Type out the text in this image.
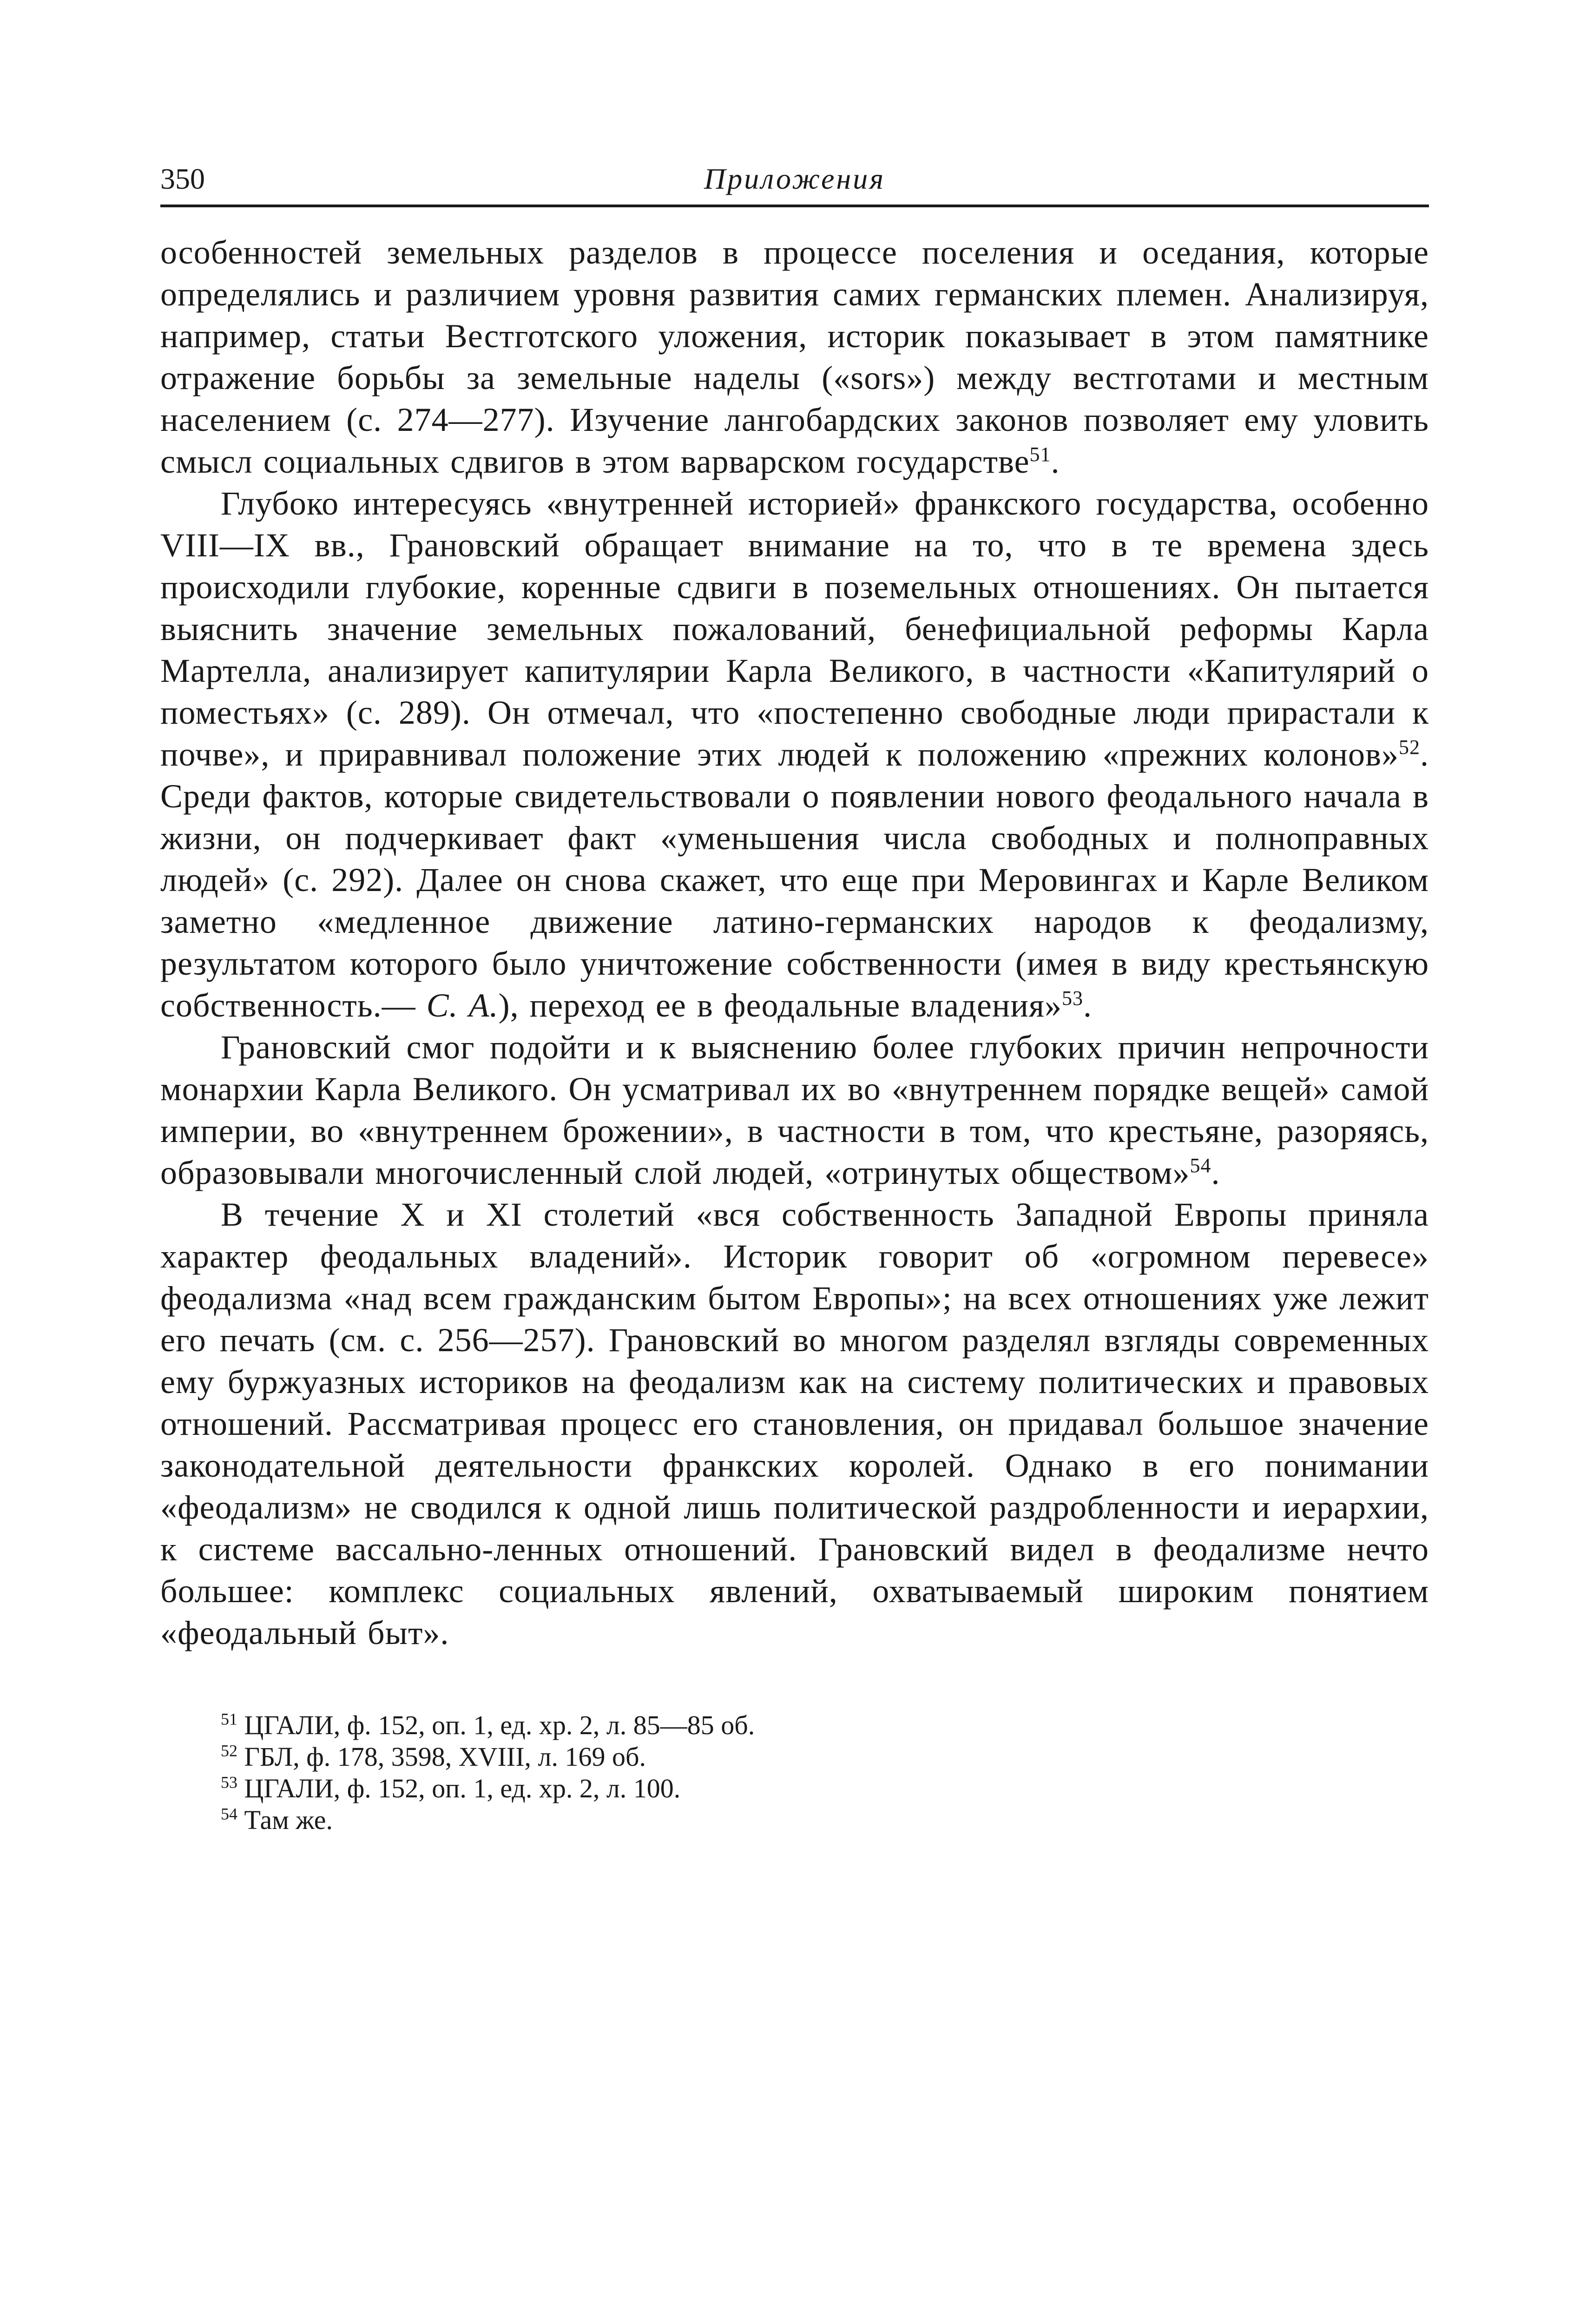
350	Приложения

особенностей земельных разделов в процессе поселения и оседания, которые определялись и различием уровня развития самих германских племен. Анализируя, например, статьи Вестготского уложения, историк показывает в этом памятнике отражение борьбы за земельные наделы («sors») между вестготами и местным населением (с. 274—277). Изучение лангобардских законов позволяет ему уловить смысл социальных сдвигов в этом варварском государстве$^{51}$.

Глубоко интересуясь «внутренней историей» франкского государства, особенно VIII—IX вв., Грановский обращает внимание на то, что в те времена здесь происходили глубокие, коренные сдвиги в поземельных отношениях. Он пытается выяснить значение земельных пожалований, бенефициальной реформы Карла Мартелла, анализирует капитулярии Карла Великого, в частности «Капитулярий о поместьях» (с. 289). Он отмечал, что «постепенно свободные люди прирастали к почве», и приравнивал положение этих людей к положению «прежних колонов»$^{52}$. Среди фактов, которые свидетельствовали о появлении нового феодального начала в жизни, он подчеркивает факт «уменьшения числа свободных и полноправных людей» (с. 292). Далее он снова скажет, что еще при Меровингах и Карле Великом заметно «медленное движение латино-германских народов к феодализму, результатом которого было уничтожение собственности (имея в виду крестьянскую собственность.— С. А.), переход ее в феодальные владения»$^{53}$.

Грановский смог подойти и к выяснению более глубоких причин непрочности монархии Карла Великого. Он усматривал их во «внутреннем порядке вещей» самой империи, во «внутреннем брожении», в частности в том, что крестьяне, разоряясь, образовывали многочисленный слой людей, «отринутых обществом»$^{54}$.

В течение X и XI столетий «вся собственность Западной Европы приняла характер феодальных владений». Историк говорит об «огромном перевесе» феодализма «над всем гражданским бытом Европы»; на всех отношениях уже лежит его печать (см. с. 256—257). Грановский во многом разделял взгляды современных ему буржуазных историков на феодализм как на систему политических и правовых отношений. Рассматривая процесс его становления, он придавал большое значение законодательной деятельности франкских королей. Однако в его понимании «феодализм» не сводился к одной лишь политической раздробленности и иерархии, к системе вассально-ленных отношений. Грановский видел в феодализме нечто большее: комплекс социальных явлений, охватываемый широким понятием «феодальный быт».

$^{51}$ ЦГАЛИ, ф. 152, оп. 1, ед. хр. 2, л. 85—85 об.

$^{52}$ ГБЛ, ф. 178, 3598, XVIII, л. 169 об.

$^{53}$ ЦГАЛИ, ф. 152, оп. 1, ед. хр. 2, л. 100.

$^{54}$ Там же.
